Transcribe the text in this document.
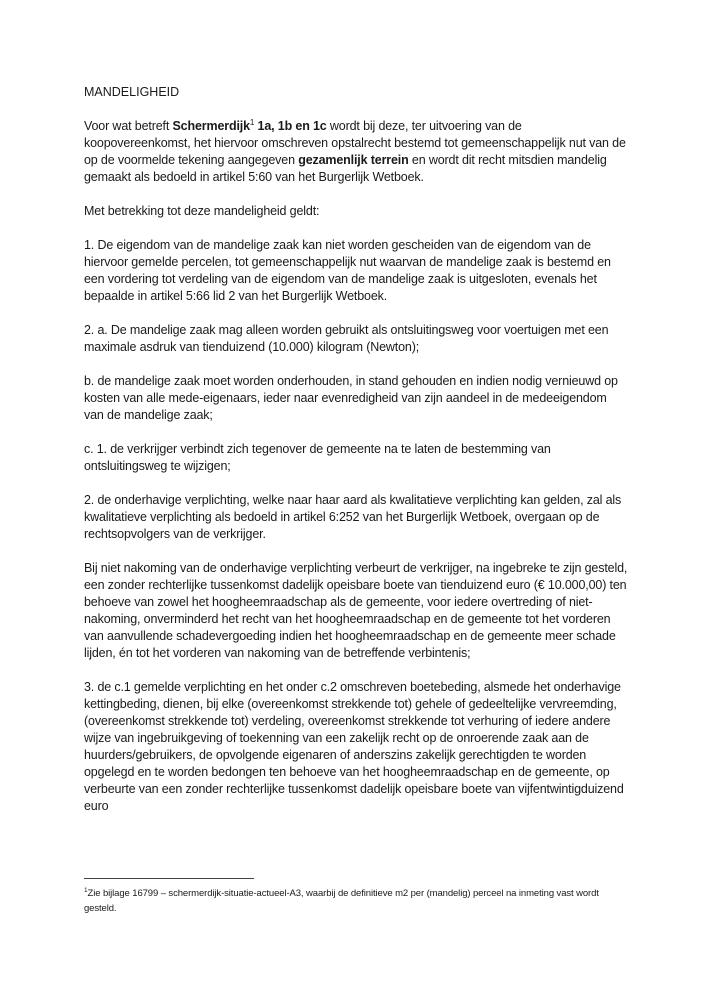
MANDELIGHEID

Voor wat betreft Schermerdijk$^1$ 1a, 1b en 1c wordt bij deze, ter uitvoering van de koopovereenkomst, het hiervoor omschreven opstalrecht bestemd tot gemeenschappelijk nut van de op de voormelde tekening aangegeven gezamenlijk terrein en wordt dit recht mitsdien mandelig gemaakt als bedoeld in artikel 5:60 van het Burgerlijk Wetboek.

Met betrekking tot deze mandeligheid geldt:

1. De eigendom van de mandelige zaak kan niet worden gescheiden van de eigendom van de hiervoor gemelde percelen, tot gemeenschappelijk nut waarvan de mandelige zaak is bestemd en een vordering tot verdeling van de eigendom van de mandelige zaak is uitgesloten, evenals het bepaalde in artikel 5:66 lid 2 van het Burgerlijk Wetboek.

2. a. De mandelige zaak mag alleen worden gebruikt als ontsluitingsweg voor voertuigen met een maximale asdruk van tienduizend (10.000) kilogram (Newton);

b. de mandelige zaak moet worden onderhouden, in stand gehouden en indien nodig vernieuwd op kosten van alle mede-eigenaars, ieder naar evenredigheid van zijn aandeel in de medeeigendom van de mandelige zaak;

c. 1. de verkrijger verbindt zich tegenover de gemeente na te laten de bestemming van ontsluitingsweg te wijzigen;

2. de onderhavige verplichting, welke naar haar aard als kwalitatieve verplichting kan gelden, zal als kwalitatieve verplichting als bedoeld in artikel 6:252 van het Burgerlijk Wetboek, overgaan op de rechtsopvolgers van de verkrijger.

Bij niet nakoming van de onderhavige verplichting verbeurt de verkrijger, na ingebreke te zijn gesteld, een zonder rechterlijke tussenkomst dadelijk opeisbare boete van tienduizend euro (€ 10.000,00) ten behoeve van zowel het hoogheemraadschap als de gemeente, voor iedere overtreding of niet-nakoming, onverminderd het recht van het hoogheemraadschap en de gemeente tot het vorderen van aanvullende schadevergoeding indien het hoogheemraadschap en de gemeente meer schade lijden, én tot het vorderen van nakoming van de betreffende verbintenis;

3. de c.1 gemelde verplichting en het onder c.2 omschreven boetebeding, alsmede het onderhavige kettingbeding, dienen, bij elke (overeenkomst strekkende tot) gehele of gedeeltelijke vervreemding, (overeenkomst strekkende tot) verdeling, overeenkomst strekkende tot verhuring of iedere andere wijze van ingebruikgeving of toekenning van een zakelijk recht op de onroerende zaak aan de huurders/gebruikers, de opvolgende eigenaren of anderszins zakelijk gerechtigden te worden opgelegd en te worden bedongen ten behoeve van het hoogheemraadschap en de gemeente, op verbeurte van een zonder rechterlijke tussenkomst dadelijk opeisbare boete van vijfentwintigduizend euro

$^1$Zie bijlage 16799 – schermerdijk-situatie-actueel-A3, waarbij de definitieve m2 per (mandelig) perceel na inmeting vast wordt gesteld.
